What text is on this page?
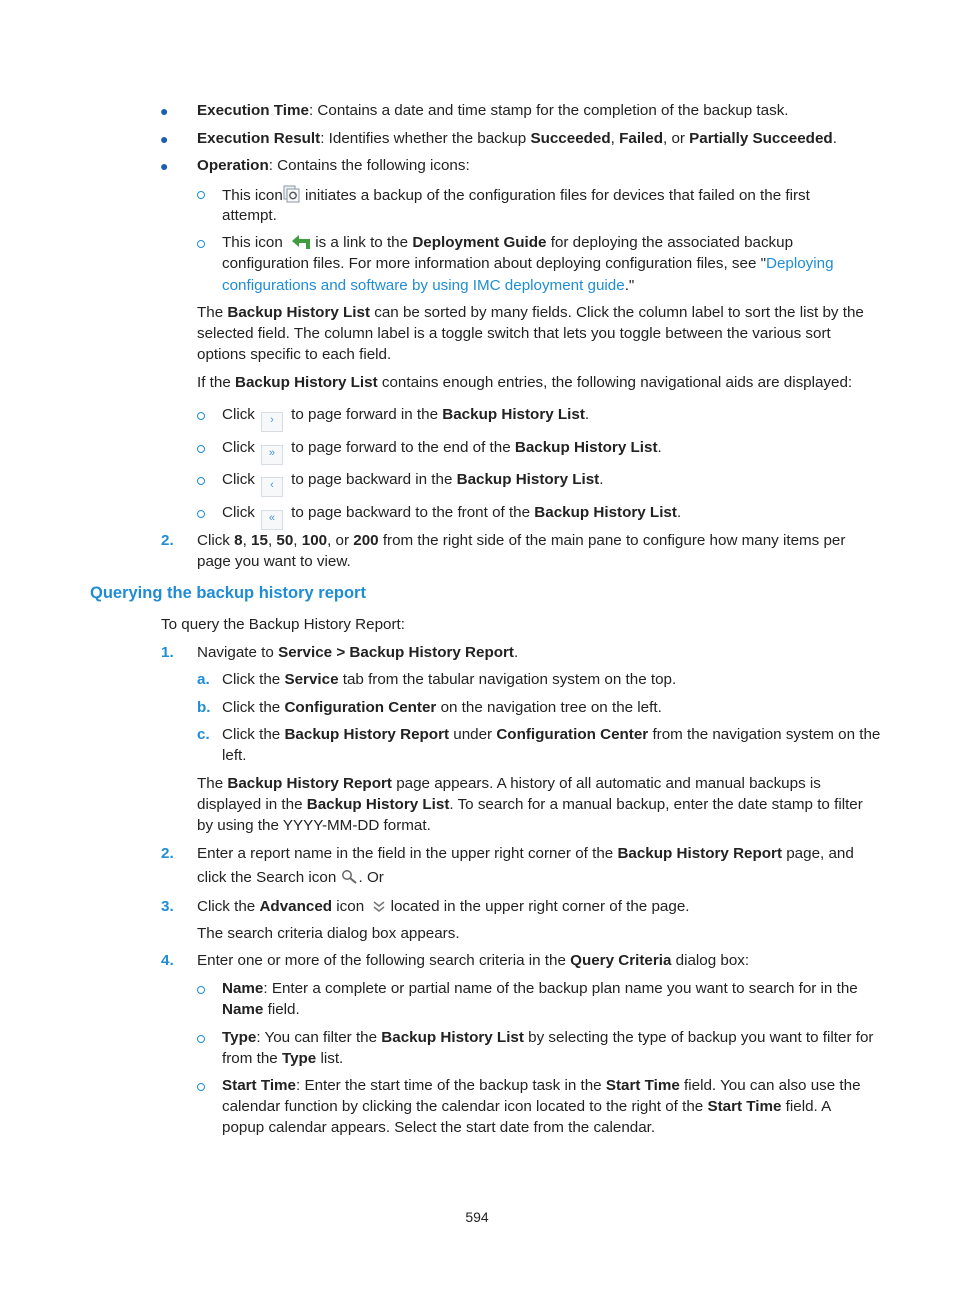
● Execution Time: Contains a date and time stamp for the completion of the backup task.
● Execution Result: Identifies whether the backup Succeeded, Failed, or Partially Succeeded.
● Operation: Contains the following icons:
This icon initiates a backup of the configuration files for devices that failed on the first
attempt.
This icon  is a link to the Deployment Guide for deploying the associated backup
configuration files. For more information about deploying configuration files, see "Deploying
configurations and software by using IMC deployment guide."
The Backup History List can be sorted by many fields. Click the column label to sort the list by the
selected field. The column label is a toggle switch that lets you toggle between the various sort
options specific to each field.
If the Backup History List contains enough entries, the following navigational aids are displayed:
Click › to page forward in the Backup History List.
Click » to page forward to the end of the Backup History List.
Click ‹ to page backward in the Backup History List.
Click « to page backward to the front of the Backup History List.
2. Click 8, 15, 50, 100, or 200 from the right side of the main pane to configure how many items per
page you want to view.
Querying the backup history report
To query the Backup History Report:
1. Navigate to Service > Backup History Report.
a. Click the Service tab from the tabular navigation system on the top.
b. Click the Configuration Center on the navigation tree on the left.
c. Click the Backup History Report under Configuration Center from the navigation system on the
left.
The Backup History Report page appears. A history of all automatic and manual backups is
displayed in the Backup History List. To search for a manual backup, enter the date stamp to filter
by using the YYYY-MM-DD format.
2. Enter a report name in the field in the upper right corner of the Backup History Report page, and
click the Search icon . Or
3. Click the Advanced icon  located in the upper right corner of the page.
The search criteria dialog box appears.
4. Enter one or more of the following search criteria in the Query Criteria dialog box:
Name: Enter a complete or partial name of the backup plan name you want to search for in the
Name field.
Type: You can filter the Backup History List by selecting the type of backup you want to filter for
from the Type list.
Start Time: Enter the start time of the backup task in the Start Time field. You can also use the
calendar function by clicking the calendar icon located to the right of the Start Time field. A
popup calendar appears. Select the start date from the calendar.
594
